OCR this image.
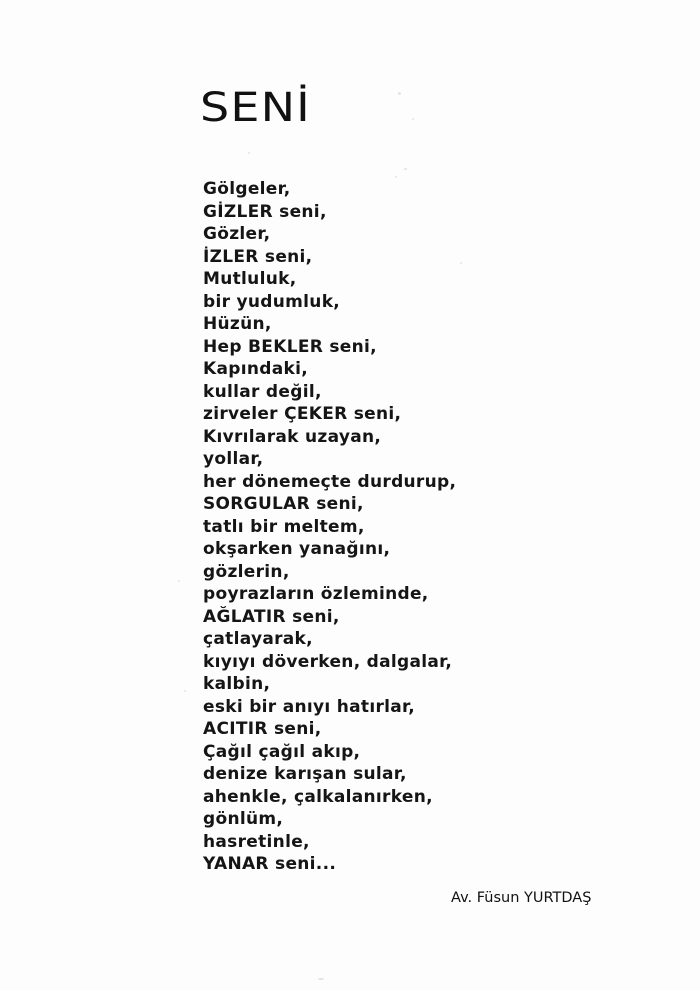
SENİ
Gölgeler,
GİZLER seni,
Gözler,
İZLER seni,
Mutluluk,
bir yudumluk,
Hüzün,
Hep BEKLER seni,
Kapındaki,
kullar değil,
zirveler ÇEKER seni,
Kıvrılarak uzayan,
yollar,
her dönemeçte durdurup,
SORGULAR seni,
tatlı bir meltem,
okşarken yanağını,
gözlerin,
poyrazların özleminde,
AĞLATIR seni,
çatlayarak,
kıyıyı döverken, dalgalar,
kalbin,
eski bir anıyı hatırlar,
ACITIR seni,
Çağıl çağıl akıp,
denize karışan sular,
ahenkle, çalkalanırken,
gönlüm,
hasretinle,
YANAR seni...
Av. Füsun YURTDAŞ
